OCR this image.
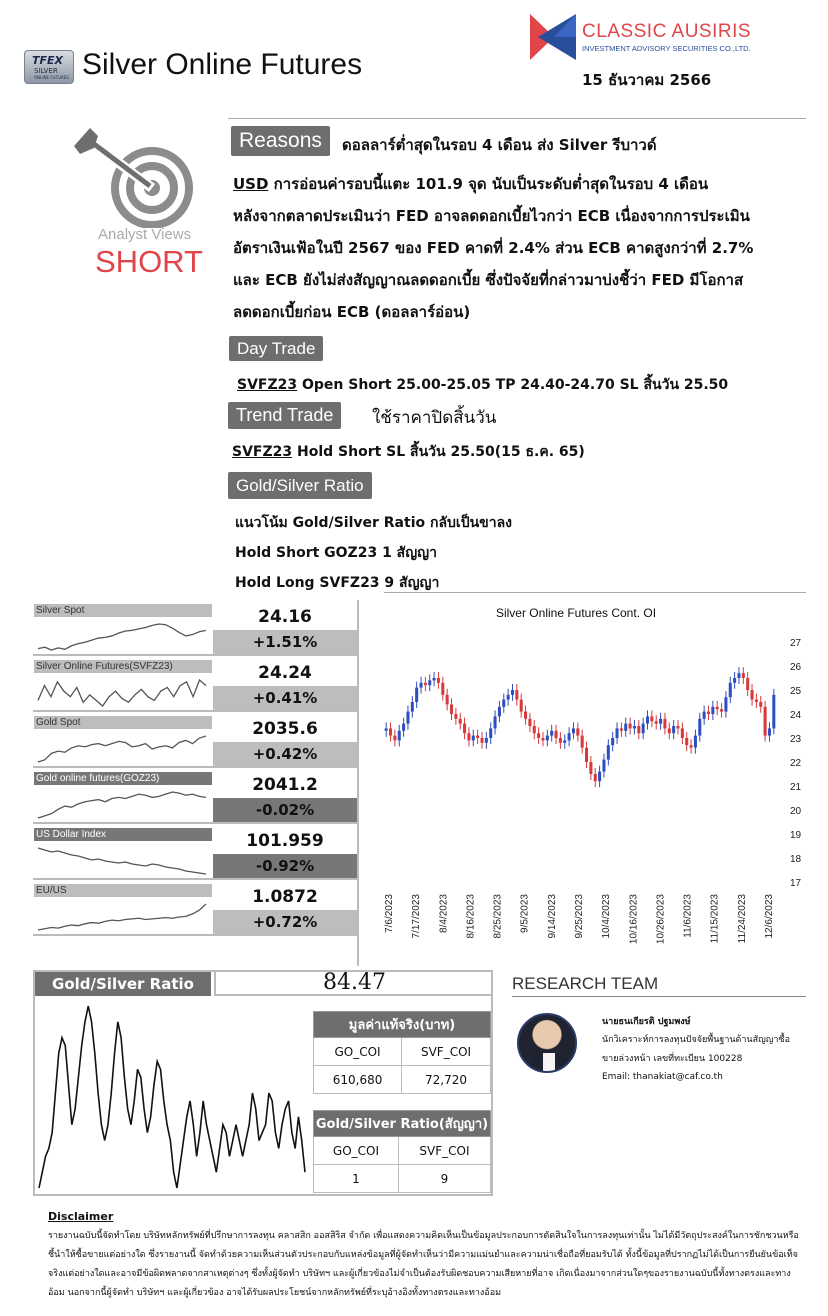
TFEX
SILVER
ONLINE FUTURES Silver Online Futures
CLASSIC AUSIRIS
INVESTMENT ADVISORY SECURITIES CO.,LTD.
15 ธันวาคม 2566
Analyst Views
SHORT
Reasons	ดอลลาร์ต่ำสุดในรอบ 4 เดือน ส่ง Silver รีบาวด์
USD การอ่อนค่ารอบนี้แตะ 101.9 จุด นับเป็นระดับต่ำสุดในรอบ 4 เดือน
หลังจากตลาดประเมินว่า FED อาจลดดอกเบี้ยไวกว่า ECB เนื่องจากการประเมิน
อัตราเงินเฟ้อในปี 2567 ของ FED คาดที่ 2.4% ส่วน ECB คาดสูงกว่าที่ 2.7%
และ ECB ยังไม่ส่งสัญญาณลดดอกเบี้ย ซึ่งปัจจัยที่กล่าวมาบ่งชี้ว่า FED มีโอกาส
ลดดอกเบี้ยก่อน ECB (ดอลลาร์อ่อน)
Day Trade
SVFZ23 Open Short 25.00-25.05 TP 24.40-24.70 SL สิ้นวัน 25.50
Trend Trade	ใช้ราคาปิดสิ้นวัน
SVFZ23 Hold Short SL สิ้นวัน 25.50(15 ธ.ค. 65)
Gold/Silver Ratio
แนวโน้ม Gold/Silver Ratio กลับเป็นขาลง
Hold Short GOZ23 1 สัญญา
Hold Long SVFZ23 9 สัญญา
Silver Spot	24.16
+1.51%
Silver Online Futures(SVFZ23)	24.24
+0.41%
Gold Spot	2035.6
+0.42%
Gold online futures(GOZ23)	2041.2
-0.02%
US Dollar Index	101.959
-0.92%
EU/US	1.0872
+0.72%
Silver Online Futures Cont. OI
17
18
19
20
21
22
23
24
25
26
27
7/6/2023 7/17/2023 8/4/2023 8/16/2023 8/25/2023 9/5/2023 9/14/2023 9/25/2023 10/4/2023 10/16/2023 10/26/2023 11/6/2023 11/15/2023 11/24/2023 12/6/2023
Gold/Silver Ratio	84.47
มูลค่าแท้จริง(บาท)	
GO_COI	SVF_COI
610,680	72,720
Gold/Silver Ratio(สัญญา)	
GO_COI	SVF_COI
1	9
RESEARCH TEAM
นายธนเกียรติ ปฐมพงษ์
นักวิเคราะห์การลงทุนปัจจัยพื้นฐานด้านสัญญาซื้อ
ขายล่วงหน้า เลขที่ทะเบียน 100228
Email: thanakiat@caf.co.th
Disclaimer
รายงานฉบับนี้จัดทำโดย บริษัทหลักทรัพย์ที่ปรึกษาการลงทุน คลาสสิก ออสสิริส จำกัด เพื่อแสดงความคิดเห็นเป็นข้อมูลประกอบการตัดสินใจในการลงทุนเท่านั้น ไม่ได้มีวัตถุประสงค์ในการชักชวนหรือชี้นำให้ซื้อขายแต่อย่างใด ซึ่งรายงานนี้ จัดทำด้วยความเห็นส่วนตัวประกอบกับแหล่งข้อมูลที่ผู้จัดทำเห็นว่ามีความแม่นยำและความน่าเชื่อถือที่ยอมรับได้ ทั้งนี้ข้อมูลที่ปรากฏไม่ได้เป็นการยืนยันข้อเท็จจริงแต่อย่างใดและอาจมีข้อผิดพลาดจากสาเหตุต่างๆ ซึ่งทั้งผู้จัดทำ บริษัทฯ และผู้เกี่ยวข้องไม่จำเป็นต้องรับผิดชอบความเสียหายที่อาจ เกิดเนื่องมาจากส่วนใดๆของรายงานฉบับนี้ทั้งทางตรงและทางอ้อม นอกจากนี้ผู้จัดทำ บริษัทฯ และผู้เกี่ยวข้อง อาจได้รับผลประโยชน์จากหลักทรัพย์ที่ระบุอ้างอิงทั้งทางตรงและทางอ้อม
